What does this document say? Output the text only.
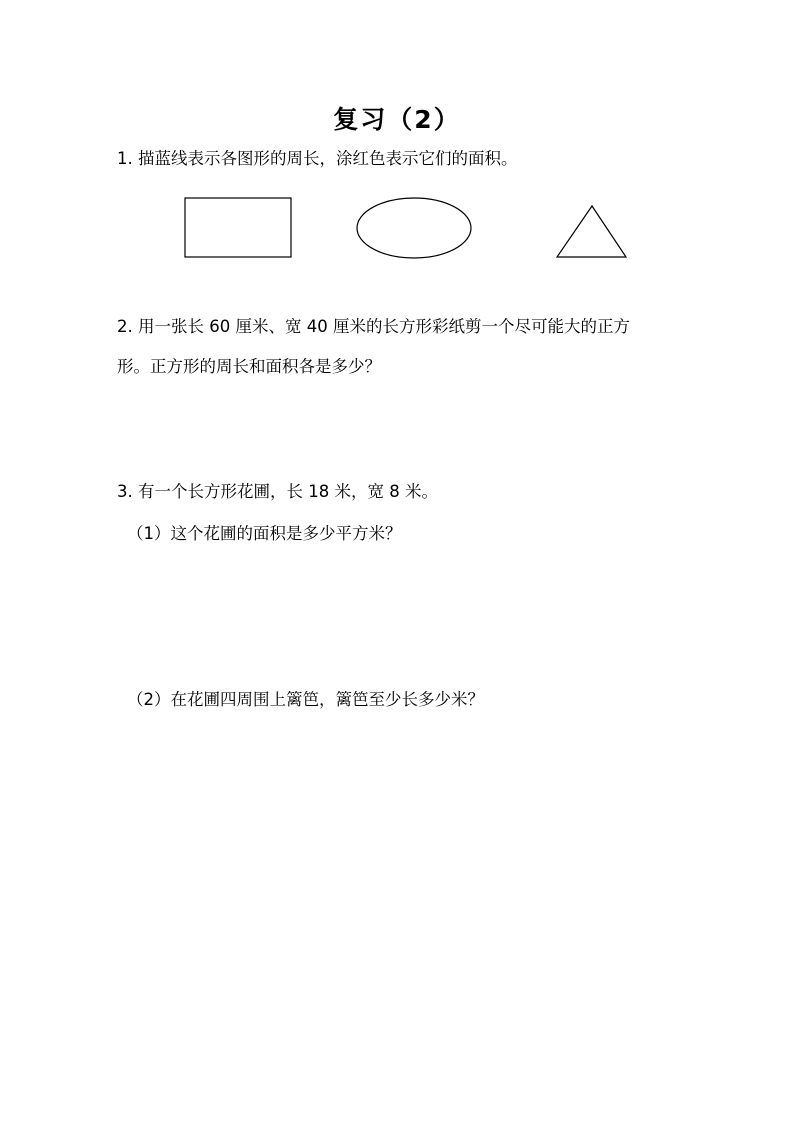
复习（2）
1. 描蓝线表示各图形的周长，涂红色表示它们的面积。
2. 用一张长 60 厘米、宽 40 厘米的长方形彩纸剪一个尽可能大的正方
形。正方形的周长和面积各是多少？
3. 有一个长方形花圃，长 18 米，宽 8 米。
（1）这个花圃的面积是多少平方米？
（2）在花圃四周围上篱笆，篱笆至少长多少米？
